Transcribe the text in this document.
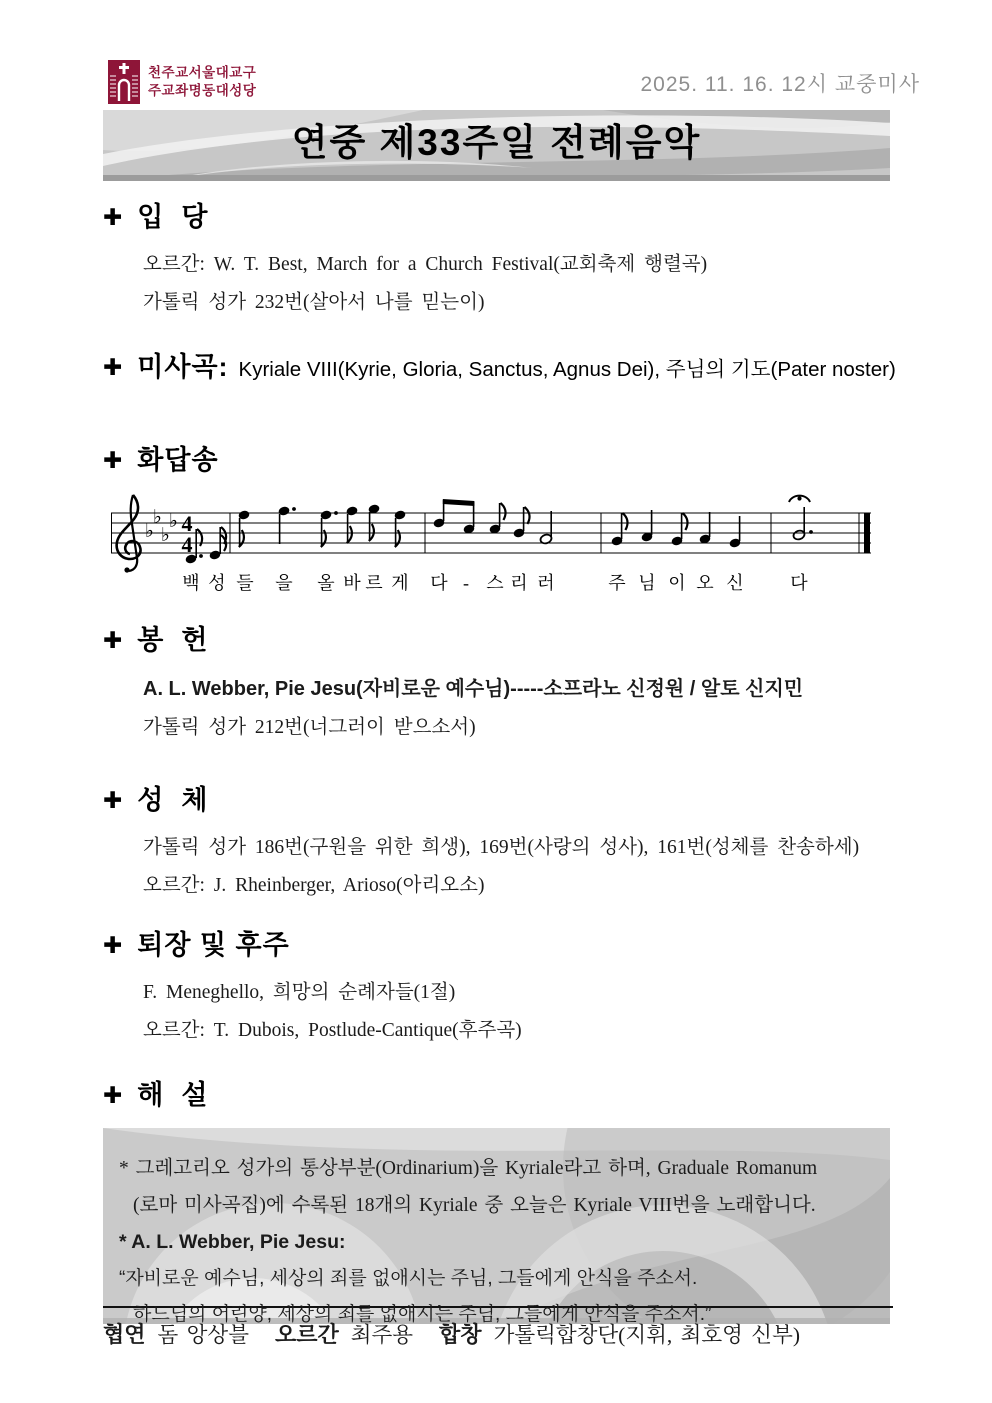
천주교서울대교구
주교좌명동대성당	2025. 11. 16. 12시 교중미사
연중 제33주일 전례음악
✚ 입  당
오르간: W. T. Best, March for a Church Festival(교회축제 행렬곡)
가톨릭 성가 232번(살아서 나를 믿는이)
✚ 미사곡: Kyriale VIII(Kyrie, Gloria, Sanctus, Agnus Dei), 주님의 기도(Pater noster)
✚ 화답송
♭
♭
♭
♭ 4
4
백 성 들 을 올 바 르 게 다 - 스 리 러	주 님 이 오 신	다
✚ 봉  헌
A. L. Webber, Pie Jesu(자비로운 예수님)-----소프라노 신정원 / 알토 신지민
가톨릭 성가 212번(너그러이 받으소서)
✚ 성  체
가톨릭 성가 186번(구원을 위한 희생), 169번(사랑의 성사), 161번(성체를 찬송하세)
오르간: J. Rheinberger, Arioso(아리오소)
✚ 퇴장 및 후주
F. Meneghello, 희망의 순례자들(1절)
오르간: T. Dubois, Postlude-Cantique(후주곡)
✚ 해  설
* 그레고리오 성가의 통상부분(Ordinarium)을 Kyriale라고 하며, Graduale Romanum
(로마 미사곡집)에 수록된 18개의 Kyriale 중 오늘은 Kyriale VIII번을 노래합니다.
* A. L. Webber, Pie Jesu:
“자비로운 예수님, 세상의 죄를 없애시는 주님, 그들에게 안식을 주소서.
하느님의 어린양, 세상의 죄를 없애시는 주님, 그들에게 안식을 주소서.”
협연 돔 앙상블 오르간 최주용 합창 가톨릭합창단(지휘, 최호영 신부)
